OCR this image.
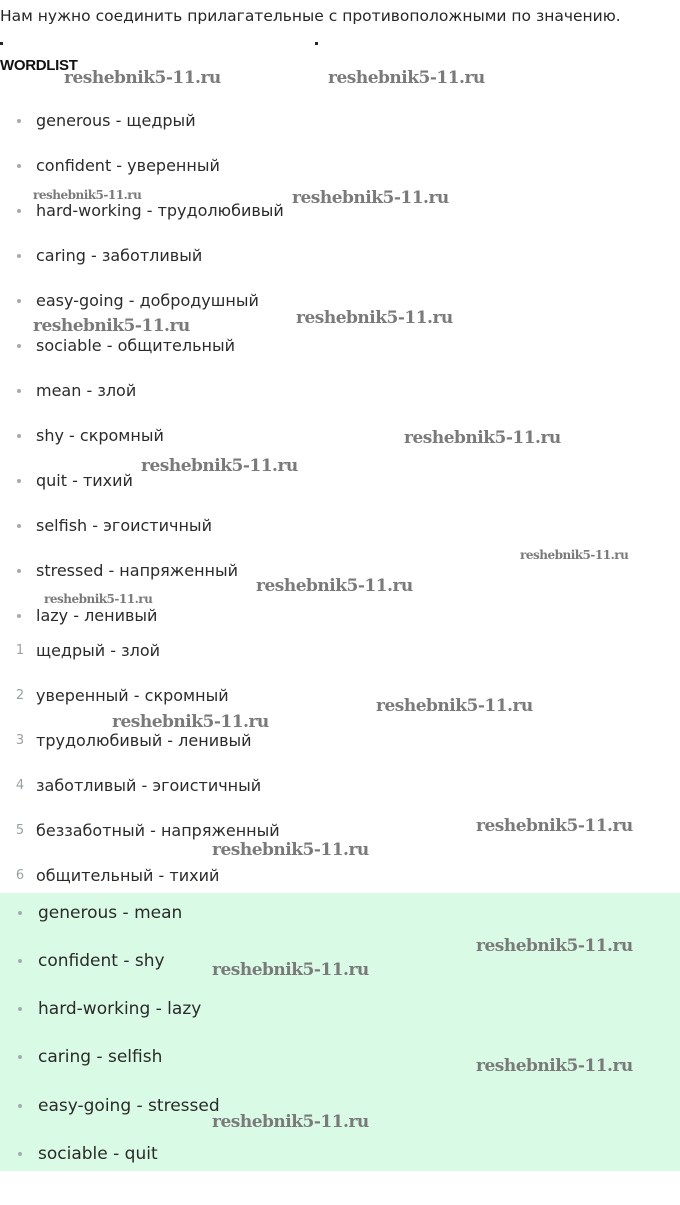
Нам нужно соединить прилагательные с противоположными по значению.
WORDLIST
generous - щедрый
confident - уверенный
hard-working - трудолюбивый
caring - заботливый
easy-going - добродушный
sociable - общительный
mean - злой
shy - скромный
quit - тихий
selfish - эгоистичный
stressed - напряженный
lazy - ленивый
1 щедрый - злой
2 уверенный - скромный
3 трудолюбивый - ленивый
4 заботливый - эгоистичный
5 беззаботный - напряженный
6 общительный - тихий
generous - mean
confident - shy
hard-working - lazy
caring - selfish
easy-going - stressed
sociable - quit
reshebnik5-11.ru	reshebnik5-11.ru
reshebnik5-11.ru	reshebnik5-11.ru
reshebnik5-11.ru	reshebnik5-11.ru
reshebnik5-11.ru
reshebnik5-11.ru
reshebnik5-11.ru
reshebnik5-11.ru
reshebnik5-11.ru
reshebnik5-11.ru
reshebnik5-11.ru
reshebnik5-11.ru
reshebnik5-11.ru
reshebnik5-11.ru
reshebnik5-11.ru
reshebnik5-11.ru
reshebnik5-11.ru
